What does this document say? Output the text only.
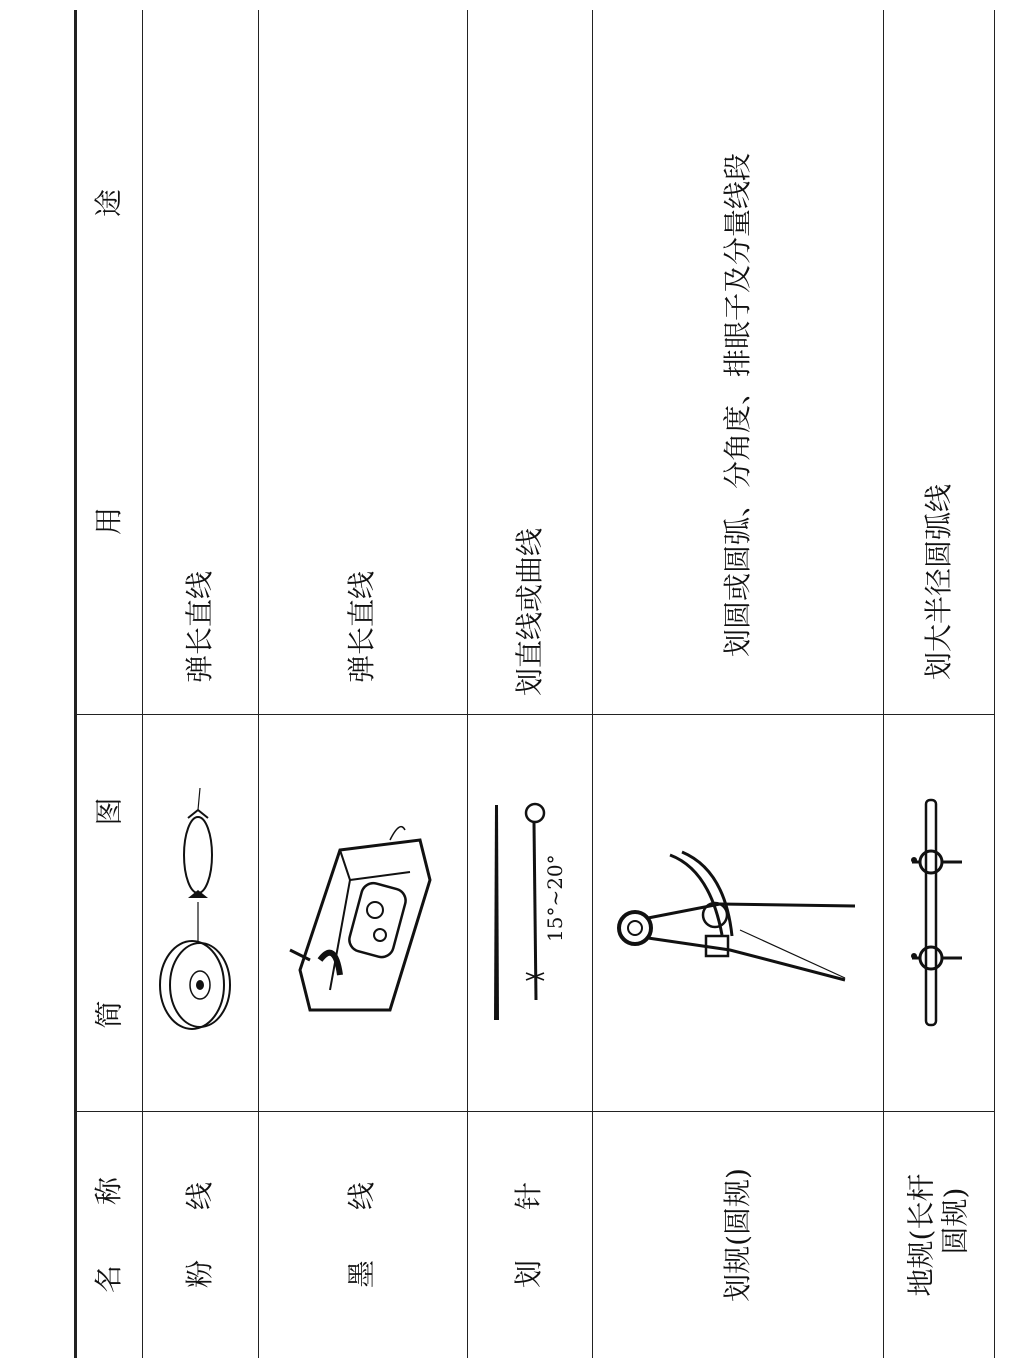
名称
简图
用途
粉线
弹长直线
墨线
弹长直线
划针
15°~20°
划直线或曲线
划规(圆规)
划圆或圆弧、分角度、排眼子及分量线段
地规(长杆 圆规)
划大半径圆弧线
